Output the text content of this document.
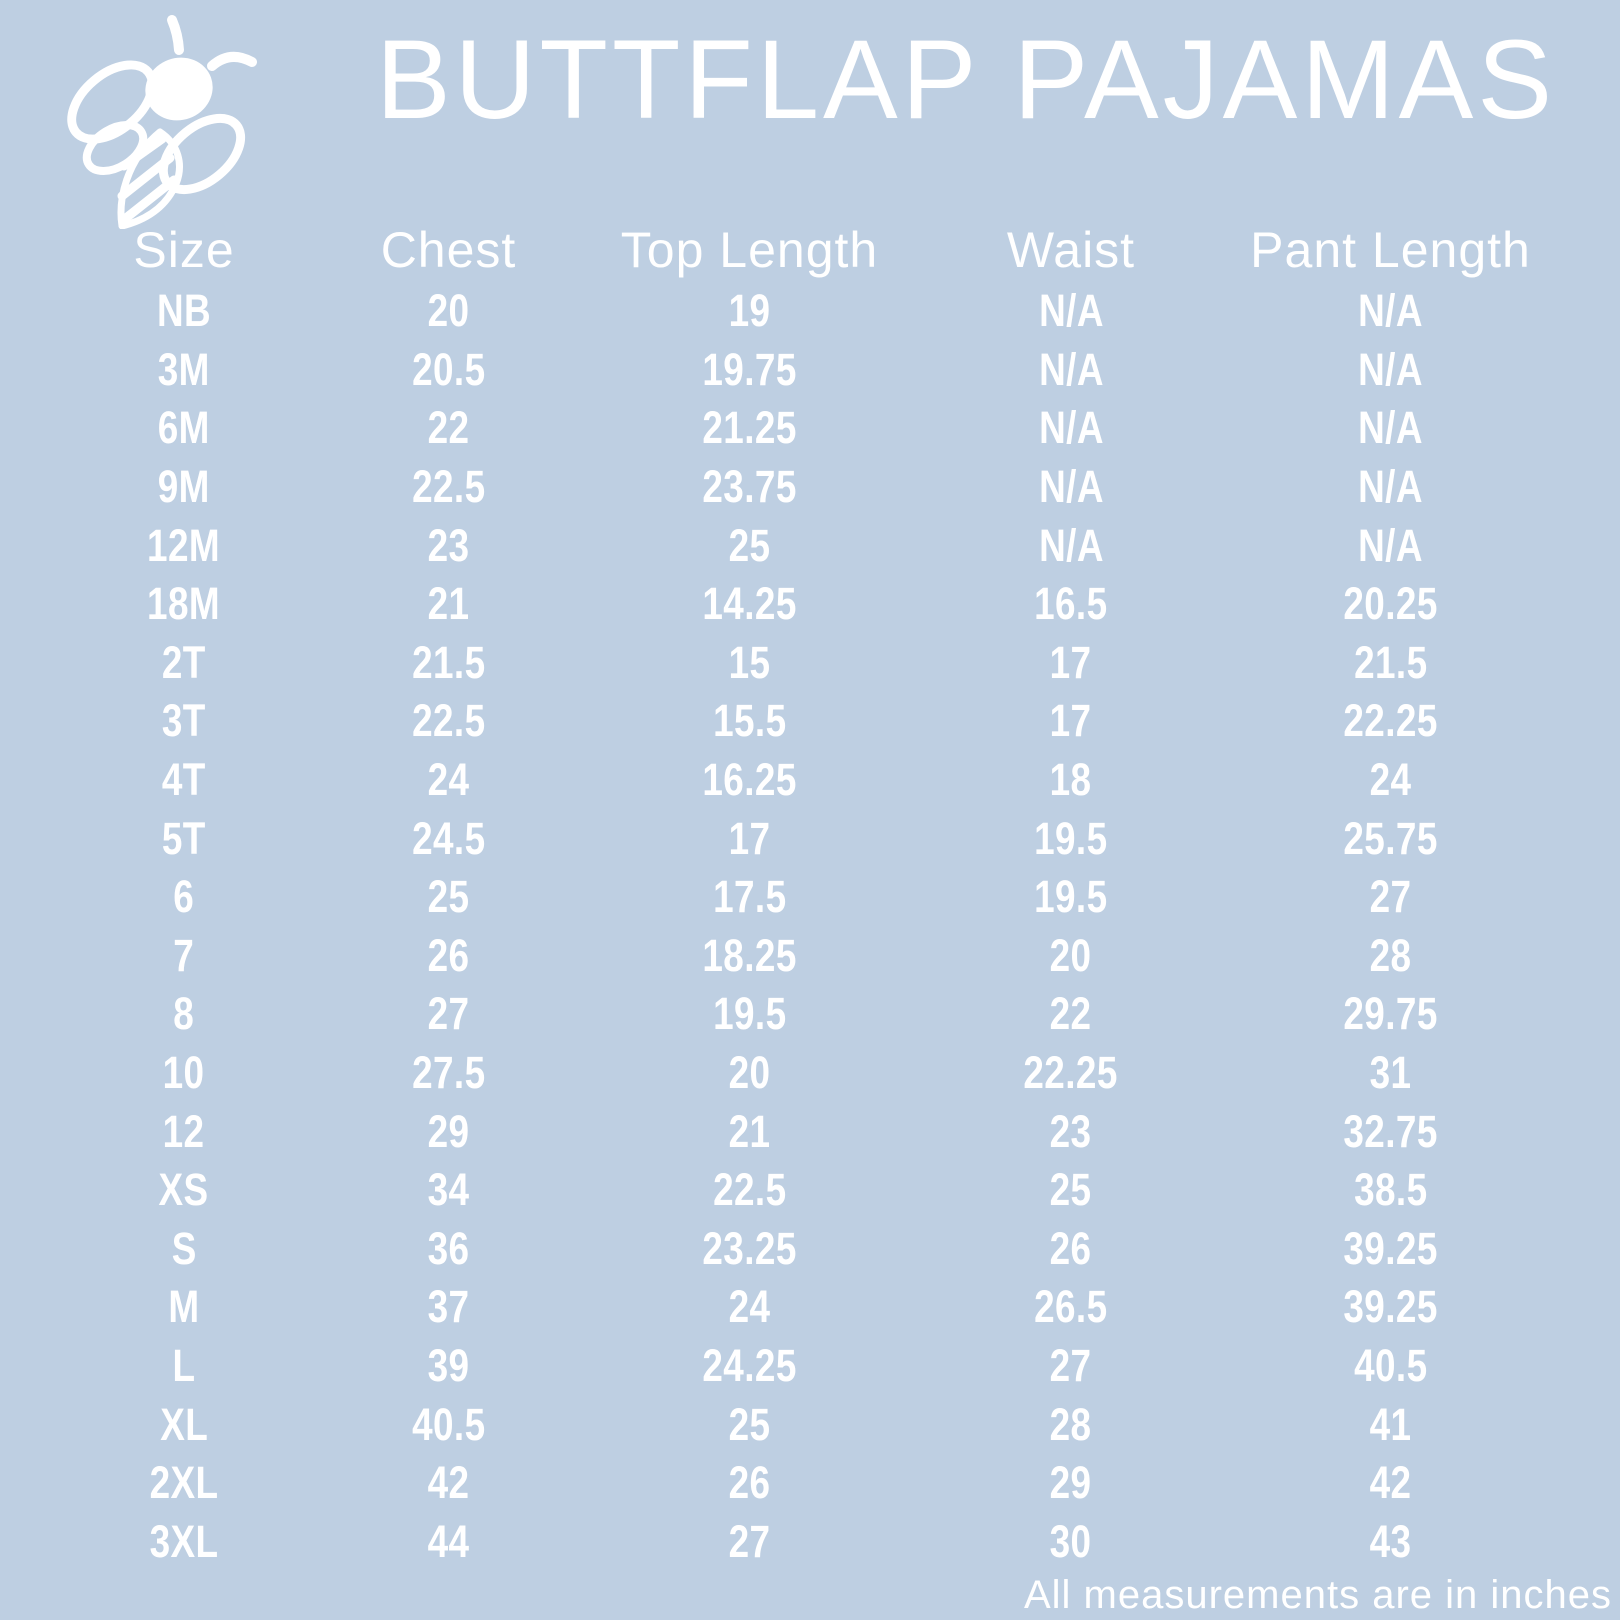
BUTTFLAP PAJAMAS
Size	Chest	Top Length	Waist	Pant Length
NB	20	19	N/A	N/A
3M	20.5	19.75	N/A	N/A
6M	22	21.25	N/A	N/A
9M	22.5	23.75	N/A	N/A
12M	23	25	N/A	N/A
18M	21	14.25	16.5	20.25
2T	21.5	15	17	21.5
3T	22.5	15.5	17	22.25
4T	24	16.25	18	24
5T	24.5	17	19.5	25.75
6	25	17.5	19.5	27
7	26	18.25	20	28
8	27	19.5	22	29.75
10	27.5	20	22.25	31
12	29	21	23	32.75
XS	34	22.5	25	38.5
S	36	23.25	26	39.25
M	37	24	26.5	39.25
L	39	24.25	27	40.5
XL	40.5	25	28	41
2XL	42	26	29	42
3XL	44	27	30	43
All measurements are in inches
